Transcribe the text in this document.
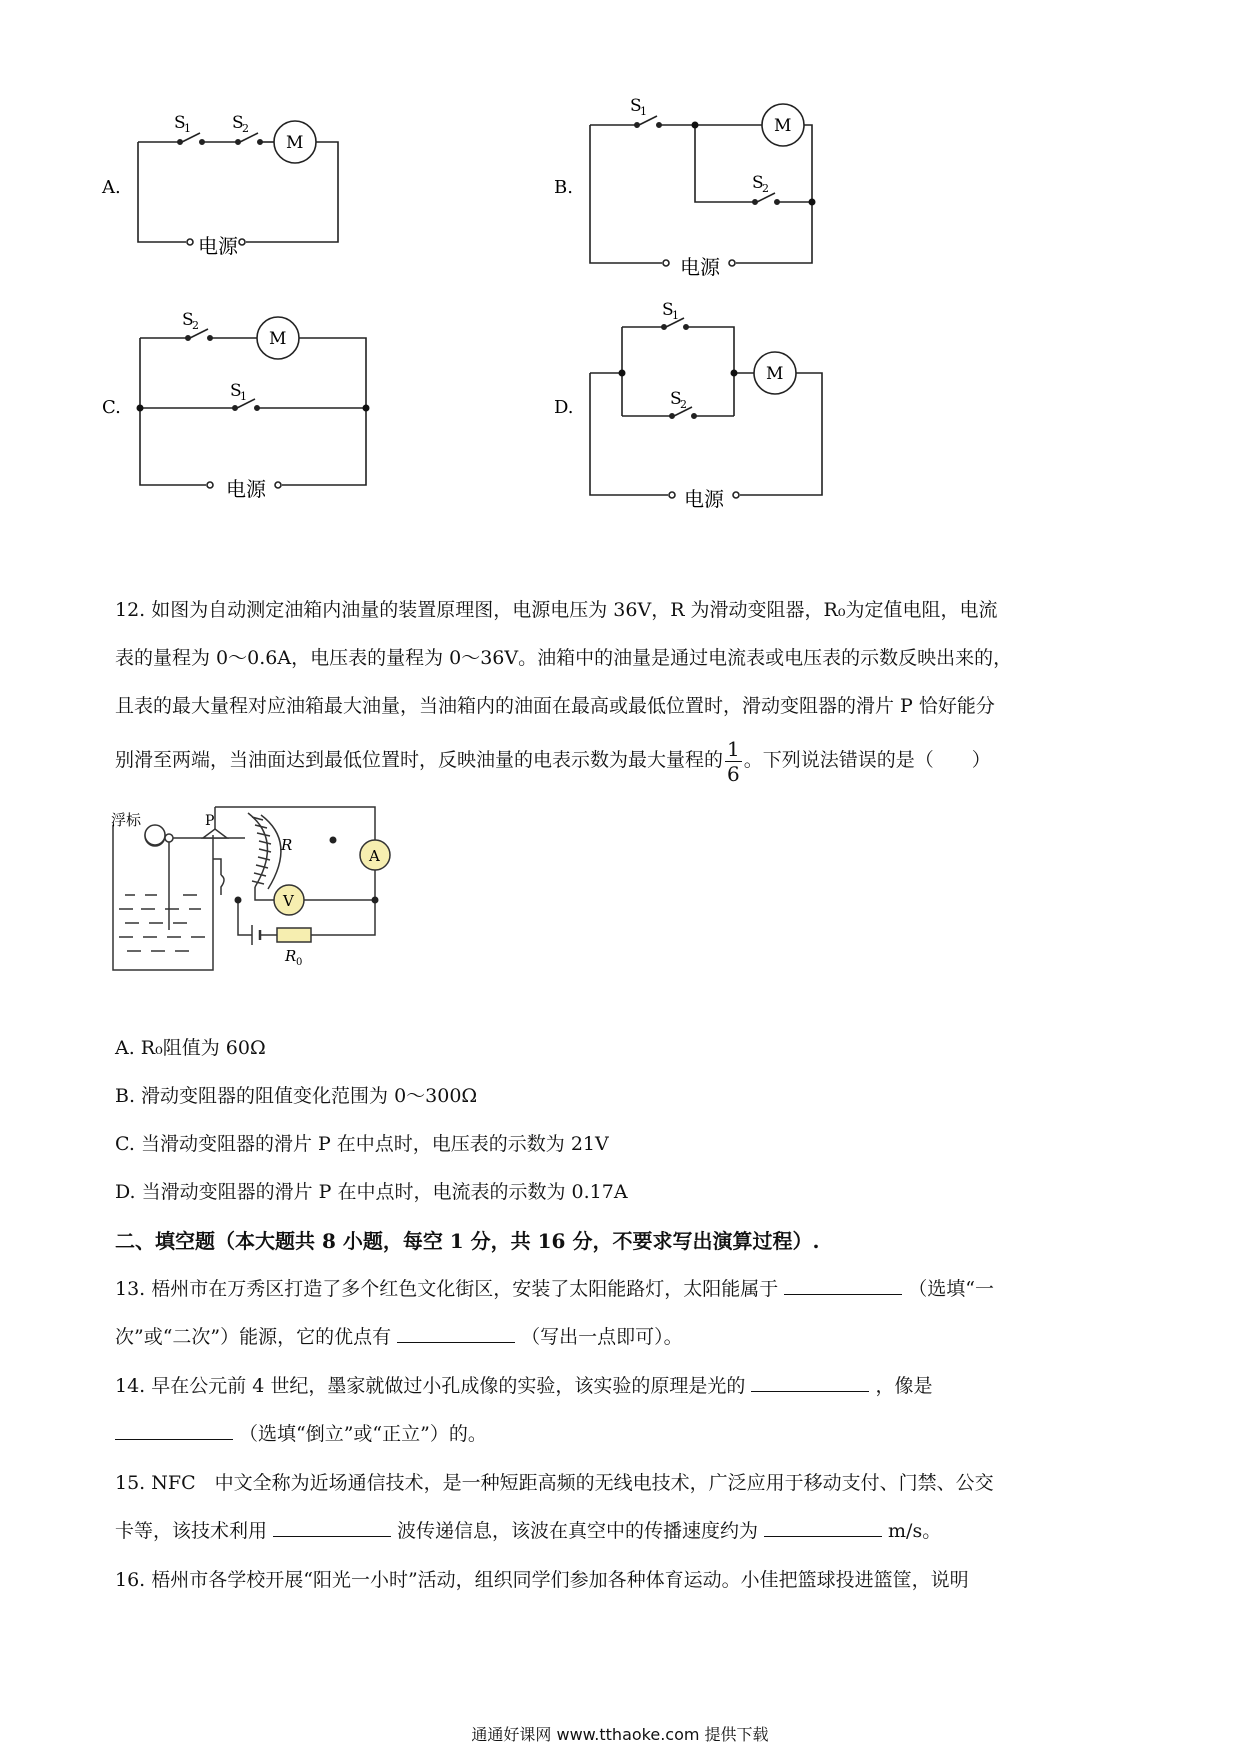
A.
S
1 S
2
M
电源
B.
S
1
S
2
M
电源
C.
S
2
S
1
M
电源
D.
S
1
S
2
M
电源
12. 如图为自动测定油箱内油量的装置原理图，电源电压为 36V，R 为滑动变阻器，R₀为定值电阻，电流
表的量程为 0～0.6A，电压表的量程为 0～36V。油箱中的油量是通过电流表或电压表的示数反映出来的，
且表的最大量程对应油箱最大油量，当油箱内的油面在最高或最低位置时，滑动变阻器的滑片 P 恰好能分
别滑至两端，当油面达到最低位置时，反映油量的电表示数为最大量程的 $\frac{1}{6}$ 。下列说法错误的是（　　）
浮标	P
R
A
V
R 0
A. R₀阻值为 60Ω
B. 滑动变阻器的阻值变化范围为 0～300Ω
C. 当滑动变阻器的滑片 P 在中点时，电压表的示数为 21V
D. 当滑动变阻器的滑片 P 在中点时，电流表的示数为 0.17A
二、填空题（本大题共 8 小题，每空 1 分，共 16 分，不要求写出演算过程）.
13. 梧州市在万秀区打造了多个红色文化街区，安装了太阳能路灯，太阳能属于	（选填“一
次”或“二次”）能源，它的优点有	（写出一点即可）。
14. 早在公元前 4 世纪，墨家就做过小孔成像的实验，该实验的原理是光的	，像是
（选填“倒立”或“正立”）的。
15. NFC　中文全称为近场通信技术，是一种短距高频的无线电技术，广泛应用于移动支付、门禁、公交
卡等，该技术利用	波传递信息，该波在真空中的传播速度约为	m/s。
16. 梧州市各学校开展“阳光一小时”活动，组织同学们参加各种体育运动。小佳把篮球投进篮筐，说明
通通好课网 www.tthaoke.com 提供下载
